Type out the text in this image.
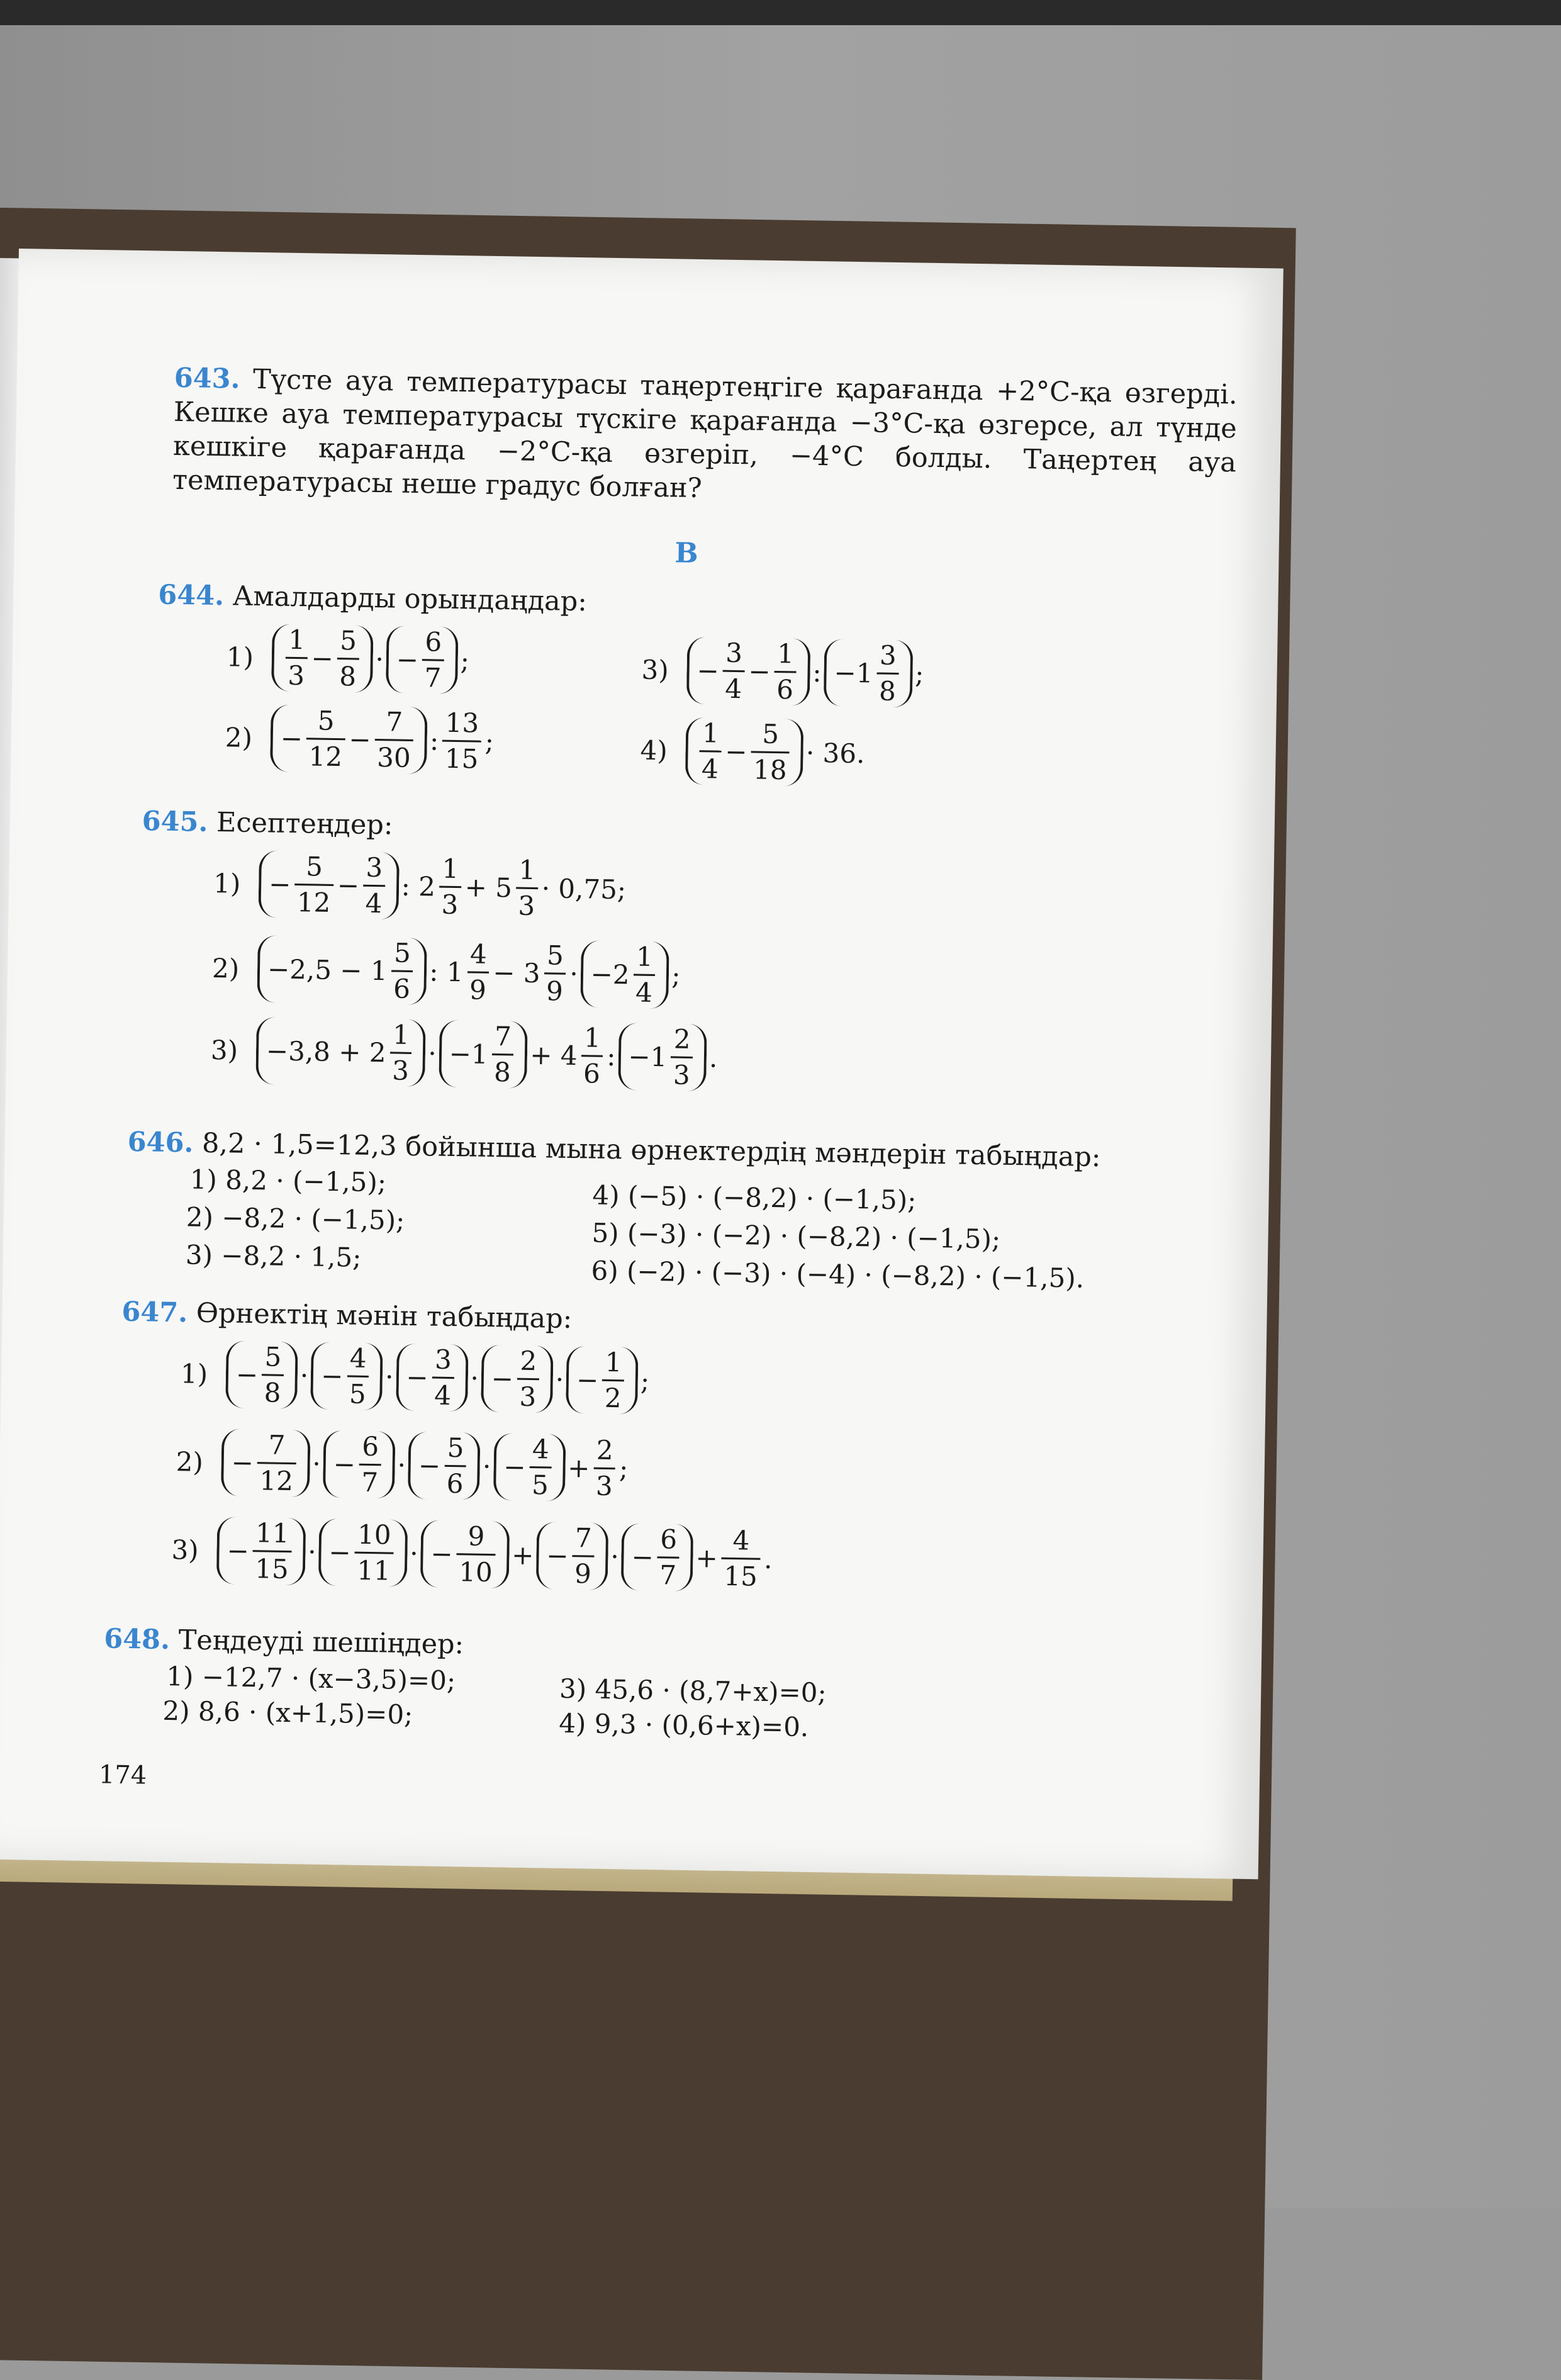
643. Түсте ауа температурасы таңертеңгіге қарағанда +2°C-қа өзгерді. Кешке ауа температурасы түскіге қарағанда −3°C-қа өзгерсе, ал түнде кешкіге қарағанда −2°C-қа өзгеріп, −4°C болды. Таңертең ауа температурасы неше градус болған?
В
644. Амалдарды орындаңдар:
1)
1
3
−
5
8
· −
6
7
;	3)	−
3
4
−
1
6
: −1
3
8
;
2)	−
5
12
−
7
30
:
13
15
;	4)
1
4
−
5
18
· 36.
645. Есептеңдер:
1)	−
5
12
−
3
4
: 2
1
3
+ 5
1
3
· 0,75;
2)	−2,5 − 1
5
6
: 1
4
9
− 3
5
9
· −2
1
4
;
3)	−3,8 + 2
1
3
· −1
7
8
+ 4
1
6
: −1
2
3
.
646. 8,2 · 1,5=12,3 бойынша мына өрнектердің мәндерін табыңдар:
1) 8,2 · (−1,5);
2) −8,2 · (−1,5);
3) −8,2 · 1,5;
4) (−5) · (−8,2) · (−1,5);
5) (−3) · (−2) · (−8,2) · (−1,5);
6) (−2) · (−3) · (−4) · (−8,2) · (−1,5).
647. Өрнектің мәнін табыңдар:
1)	−
5
8
· −
4
5
· −
3
4
· −
2
3
· −
1
2
;
2)	−
7
12
· −
6
7
· −
5
6
· −
4
5
+
2
3
;
3)	−
11
15
· −
10
11
· −
9
10
+ −
7
9
· −
6
7
+
4
15
.
648. Теңдеуді шешіңдер:
1) −12,7 · (x−3,5)=0;
2) 8,6 · (x+1,5)=0;
3) 45,6 · (8,7+x)=0;
4) 9,3 · (0,6+x)=0.
174
